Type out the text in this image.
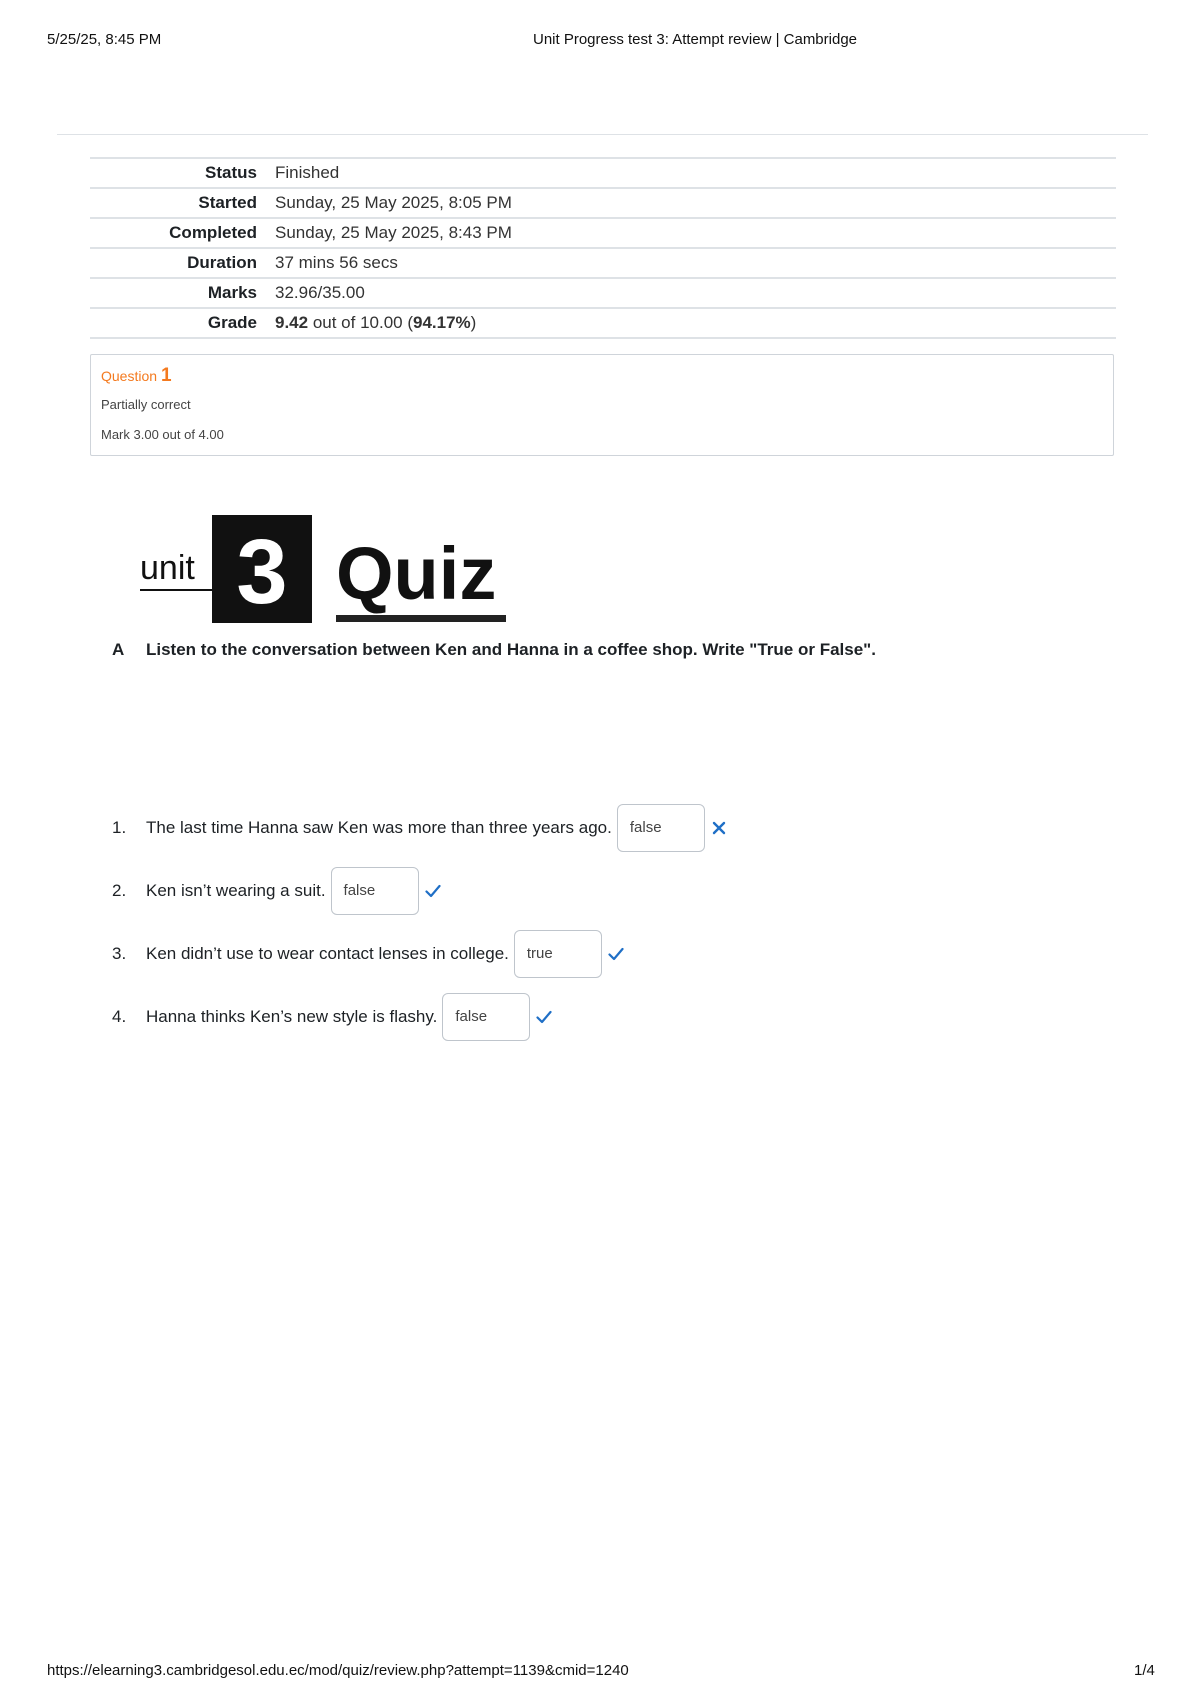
5/25/25, 8:45 PM	Unit Progress test 3: Attempt review | Cambridge
Status	Finished
Started	Sunday, 25 May 2025, 8:05 PM
Completed	Sunday, 25 May 2025, 8:43 PM
Duration	37 mins 56 secs
Marks	32.96/35.00
Grade	9.42 out of 10.00 (94.17%)
Question 1
Partially correct
Mark 3.00 out of 4.00
unit 3 Quiz
A Listen to the conversation between Ken and Hanna in a coffee shop. Write "True or False".
1.	The last time Hanna saw Ken was more than three years ago.	false
2.	Ken isn’t wearing a suit.	false
3.	Ken didn’t use to wear contact lenses in college.	true
4.	Hanna thinks Ken’s new style is flashy.	false
https://elearning3.cambridgesol.edu.ec/mod/quiz/review.php?attempt=1139&cmid=1240	1/4
